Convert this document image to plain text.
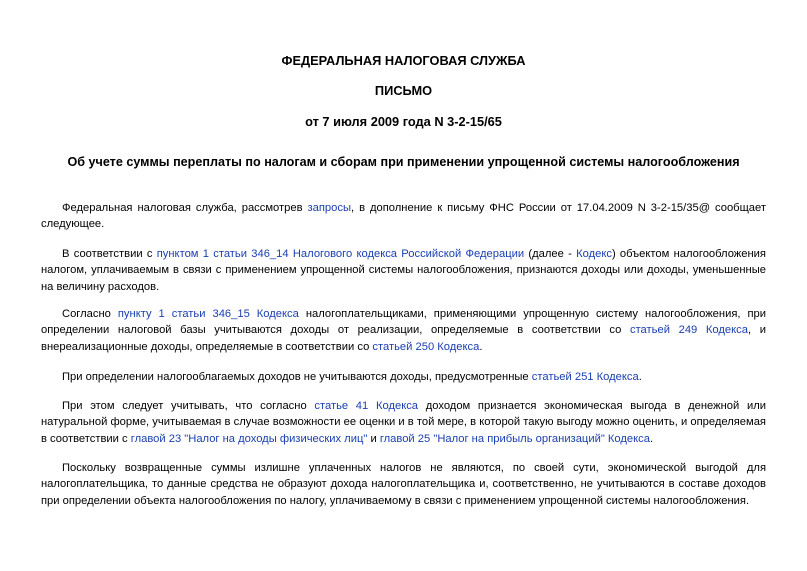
ФЕДЕРАЛЬНАЯ НАЛОГОВАЯ СЛУЖБА

ПИСЬМО

от 7 июля 2009 года N 3-2-15/65

Об учете суммы переплаты по налогам и сборам при применении упрощенной системы налогообложения

Федеральная налоговая служба, рассмотрев запросы, в дополнение к письму ФНС России от 17.04.2009 N 3-2-15/35@ сообщает следующее.

В соответствии с пунктом 1 статьи 346_14 Налогового кодекса Российской Федерации (далее - Кодекс) объектом налогообложения налогом, уплачиваемым в связи с применением упрощенной системы налогообложения, признаются доходы или доходы, уменьшенные на величину расходов.

Согласно пункту 1 статьи 346_15 Кодекса налогоплательщиками, применяющими упрощенную систему налогообложения, при определении налоговой базы учитываются доходы от реализации, определяемые в соответствии со статьей 249 Кодекса, и внереализационные доходы, определяемые в соответствии со статьей 250 Кодекса.

При определении налогооблагаемых доходов не учитываются доходы, предусмотренные статьей 251 Кодекса.

При этом следует учитывать, что согласно статье 41 Кодекса доходом признается экономическая выгода в денежной или натуральной форме, учитываемая в случае возможности ее оценки и в той мере, в которой такую выгоду можно оценить, и определяемая в соответствии с главой 23 "Налог на доходы физических лиц" и главой 25 "Налог на прибыль организаций" Кодекса.

Поскольку возвращенные суммы излишне уплаченных налогов не являются, по своей сути, экономической выгодой для налогоплательщика, то данные средства не образуют дохода налогоплательщика и, соответственно, не учитываются в составе доходов при определении объекта налогообложения по налогу, уплачиваемому в связи с применением упрощенной системы налогообложения.
